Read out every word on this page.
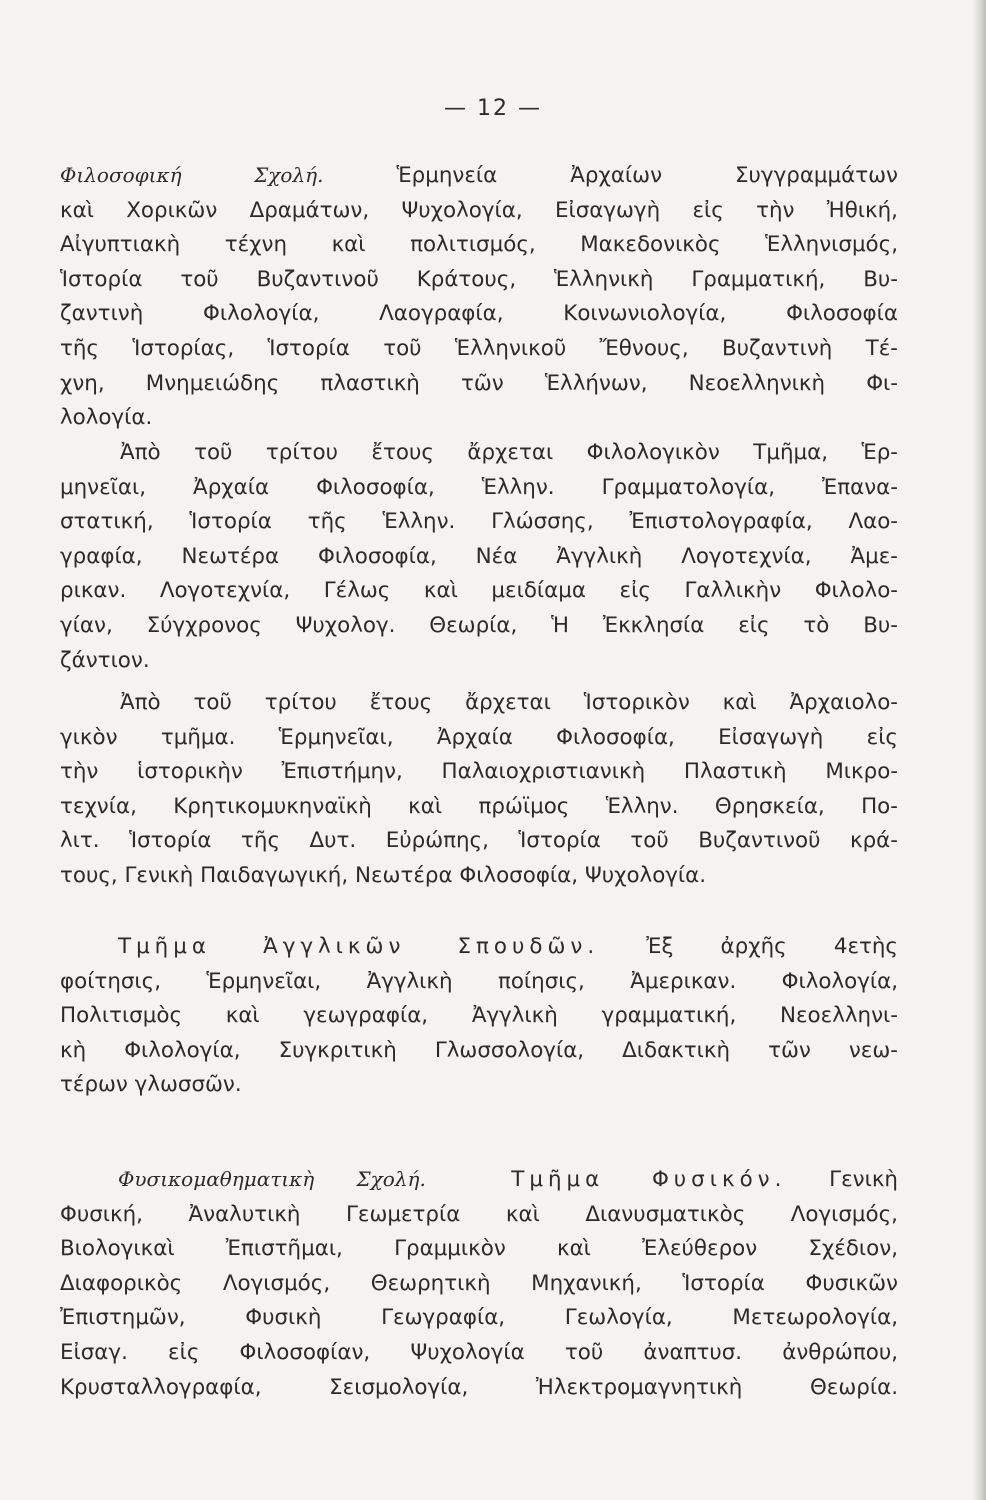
— 12 —
Φιλοσοφική Σχολή.	Ἑρμηνεία Ἀρχαίων Συγγραμμάτων
καὶ Χορικῶν Δραμάτων, Ψυχολογία, Εἰσαγωγὴ εἰς τὴν Ἠθική,
Αἰγυπτιακὴ τέχνη καὶ πολιτισμός, Μακεδονικὸς Ἑλληνισμός,
Ἱστορία τοῦ Βυζαντινοῦ Κράτους, Ἑλληνικὴ Γραμματική, Βυ-
ζαντινὴ Φιλολογία, Λαογραφία, Κοινωνιολογία, Φιλοσοφία
τῆς Ἱστορίας, Ἱστορία τοῦ Ἑλληνικοῦ Ἔθνους, Βυζαντινὴ Τέ-
χνη, Μνημειώδης πλαστικὴ τῶν Ἑλλήνων, Νεοελληνικὴ Φι-
λολογία.
Ἀπὸ τοῦ τρίτου ἔτους ἄρχεται Φιλολογικὸν Τμῆμα, Ἑρ-
μηνεῖαι, Ἀρχαία Φιλοσοφία, Ἑλλην. Γραμματολογία, Ἐπανα-
στατική, Ἱστορία τῆς Ἑλλην. Γλώσσης, Ἐπιστολογραφία, Λαο-
γραφία, Νεωτέρα Φιλοσοφία, Νέα Ἀγγλικὴ Λογοτεχνία, Ἀμε-
ρικαν. Λογοτεχνία, Γέλως καὶ μειδίαμα εἰς Γαλλικὴν Φιλολο-
γίαν, Σύγχρονος Ψυχολογ. Θεωρία, Ἡ Ἐκκλησία εἰς τὸ Βυ-
ζάντιον.
Ἀπὸ τοῦ τρίτου ἔτους ἄρχεται Ἱστορικὸν καὶ Ἀρχαιολο-
γικὸν τμῆμα. Ἑρμηνεῖαι, Ἀρχαία Φιλοσοφία, Εἰσαγωγὴ εἰς
τὴν ἱστορικὴν Ἐπιστήμην, Παλαιοχριστιανικὴ Πλαστικὴ Μικρο-
τεχνία, Κρητικομυκηναϊκὴ καὶ πρώϊμος Ἑλλην. Θρησκεία, Πο-
λιτ. Ἱστορία τῆς Δυτ. Εὐρώπης, Ἱστορία τοῦ Βυζαντινοῦ κρά-
τους, Γενικὴ Παιδαγωγική, Νεωτέρα Φιλοσοφία, Ψυχολογία.
Τμῆμα Ἀγγλικῶν Σπουδῶν. Ἐξ ἀρχῆς 4ετὴς
φοίτησις, Ἑρμηνεῖαι, Ἀγγλικὴ ποίησις, Ἀμερικαν. Φιλολογία,
Πολιτισμὸς καὶ γεωγραφία, Ἀγγλικὴ γραμματική, Νεοελληνι-
κὴ Φιλολογία, Συγκριτικὴ Γλωσσολογία, Διδακτικὴ τῶν νεω-
τέρων γλωσσῶν.
Φυσικομαθηματικὴ Σχολή.	Τμῆμα Φυσικόν. Γενικὴ
Φυσική, Ἀναλυτικὴ Γεωμετρία καὶ Διανυσματικὸς Λογισμός,
Βιολογικαὶ Ἐπιστῆμαι, Γραμμικὸν καὶ Ἐλεύθερον Σχέδιον,
Διαφορικὸς Λογισμός, Θεωρητικὴ Μηχανική, Ἱστορία Φυσικῶν
Ἐπιστημῶν, Φυσικὴ Γεωγραφία, Γεωλογία, Μετεωρολογία,
Εἰσαγ. εἰς Φιλοσοφίαν, Ψυχολογία τοῦ ἀναπτυσ. ἀνθρώπου,
Κρυσταλλογραφία, Σεισμολογία, Ἠλεκτρομαγνητικὴ Θεωρία.
